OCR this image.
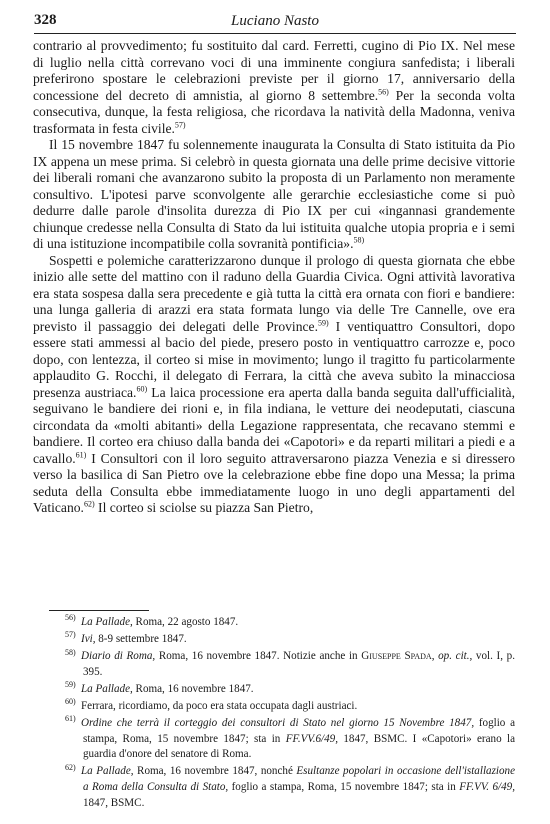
328	Luciano Nasto

contrario al provvedimento; fu sostituito dal card. Ferretti, cugino di Pio IX. Nel mese di luglio nella città correvano voci di una imminente congiura sanfedista; i liberali preferirono spostare le celebrazioni previste per il giorno 17, anniversario della concessione del decreto di amnistia, al giorno 8 settembre.$^{56)}$ Per la seconda volta consecutiva, dunque, la festa religiosa, che ricordava la natività della Madonna, veniva trasformata in festa civile.$^{57)}$

Il 15 novembre 1847 fu solennemente inaugurata la Consulta di Stato istituita da Pio IX appena un mese prima. Si celebrò in questa giornata una delle prime decisive vittorie dei liberali romani che avanzarono subito la proposta di un Parlamento non meramente consultivo. L'ipotesi parve sconvolgente alle gerarchie ecclesiastiche come si può dedurre dalle parole d'insolita durezza di Pio IX per cui «ingannasi grandemente chiunque credesse nella Consulta di Stato da lui istituita qualche utopia propria e i semi di una istituzione incompatibile colla sovranità pontificia».$^{58)}$

Sospetti e polemiche caratterizzarono dunque il prologo di questa giornata che ebbe inizio alle sette del mattino con il raduno della Guardia Civica. Ogni attività lavorativa era stata sospesa dalla sera precedente e già tutta la città era ornata con fiori e bandiere: una lunga galleria di arazzi era stata formata lungo via delle Tre Cannelle, ove era previsto il passaggio dei delegati delle Province.$^{59)}$ I ventiquattro Consultori, dopo essere stati ammessi al bacio del piede, presero posto in ventiquattro carrozze e, poco dopo, con lentezza, il corteo si mise in movimento; lungo il tragitto fu particolarmente applaudito G. Rocchi, il delegato di Ferrara, la città che aveva subìto la minacciosa presenza austriaca.$^{60)}$ La laica processione era aperta dalla banda seguita dall'ufficialità, seguivano le bandiere dei rioni e, in fila indiana, le vetture dei neodeputati, ciascuna circondata da «molti abitanti» della Legazione rappresentata, che recavano stemmi e bandiere. Il corteo era chiuso dalla banda dei «Capotori» e da reparti militari a piedi e a cavallo.$^{61)}$ I Consultori con il loro seguito attraversarono piazza Venezia e si diressero verso la basilica di San Pietro ove la celebrazione ebbe fine dopo una Messa; la prima seduta della Consulta ebbe immediatamente luogo in uno degli appartamenti del Vaticano.$^{62)}$ Il corteo si sciolse su piazza San Pietro,

56) La Pallade, Roma, 22 agosto 1847.

57) Ivi, 8-9 settembre 1847.

58) Diario di Roma, Roma, 16 novembre 1847. Notizie anche in Giuseppe Spada, op. cit., vol. I, p. 395.

59) La Pallade, Roma, 16 novembre 1847.

60) Ferrara, ricordiamo, da poco era stata occupata dagli austriaci.

61) Ordine che terrà il corteggio dei consultori di Stato nel giorno 15 Novembre 1847, foglio a stampa, Roma, 15 novembre 1847; sta in FF.VV.6/49, 1847, BSMC. I «Capotori» erano la guardia d'onore del senatore di Roma.

62) La Pallade, Roma, 16 novembre 1847, nonché Esultanze popolari in occasione dell'istallazione a Roma della Consulta di Stato, foglio a stampa, Roma, 15 novembre 1847; sta in FF.VV. 6/49, 1847, BSMC.
